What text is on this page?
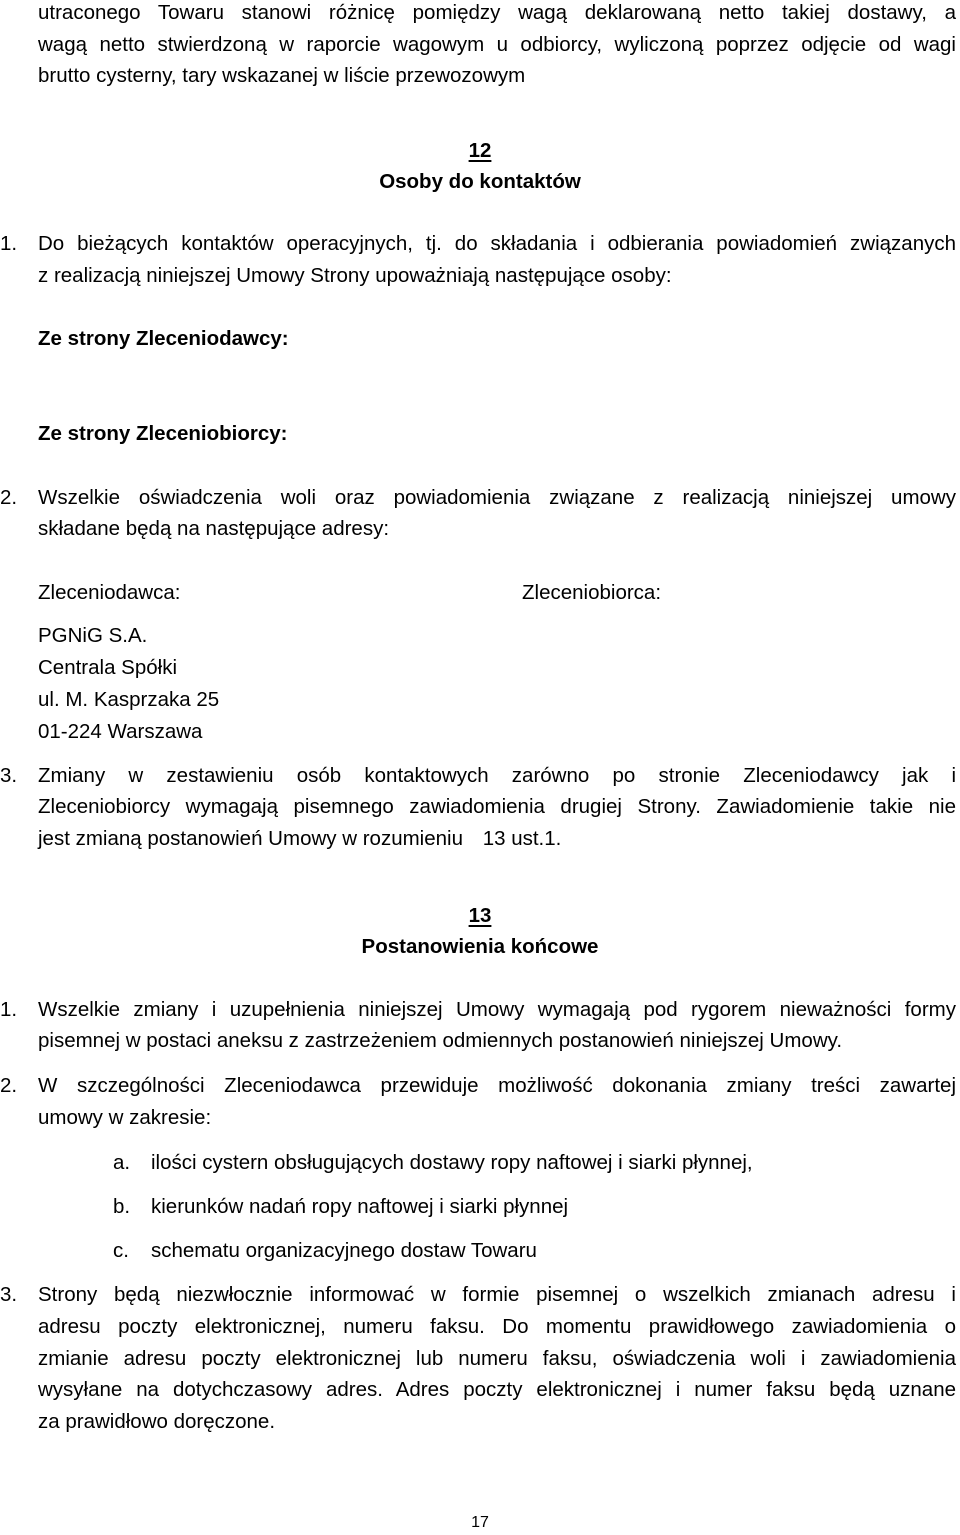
utraconego Towaru stanowi różnicę pomiędzy wagą deklarowaną netto takiej dostawy, a
wagą netto stwierdzoną w raporcie wagowym u odbiorcy, wyliczoną poprzez odjęcie od wagi
brutto cysterny, tary wskazanej w liście przewozowym
12
Osoby do kontaktów
1. Do bieżących kontaktów operacyjnych, tj. do składania i odbierania powiadomień związanych
z realizacją niniejszej Umowy Strony upoważniają następujące osoby:
Ze strony Zleceniodawcy:
Ze strony Zleceniobiorcy:
2. Wszelkie oświadczenia woli oraz powiadomienia związane z realizacją niniejszej umowy
składane będą na następujące adresy:
Zleceniodawca:	Zleceniobiorca:
PGNiG S.A.
Centrala Spółki
ul. M. Kasprzaka 25
01-224 Warszawa
3. Zmiany w zestawieniu osób kontaktowych zarówno po stronie Zleceniodawcy jak i
Zleceniobiorcy wymagają pisemnego zawiadomienia drugiej Strony. Zawiadomienie takie nie
jest zmianą postanowień Umowy w rozumieniu 13 ust.1.
13
Postanowienia końcowe
1. Wszelkie zmiany i uzupełnienia niniejszej Umowy wymagają pod rygorem nieważności formy
pisemnej w postaci aneksu z zastrzeżeniem odmiennych postanowień niniejszej Umowy.
2. W szczególności Zleceniodawca przewiduje możliwość dokonania zmiany treści zawartej
umowy w zakresie:
a. ilości cystern obsługujących dostawy ropy naftowej i siarki płynnej,
b. kierunków nadań ropy naftowej i siarki płynnej
c. schematu organizacyjnego dostaw Towaru
3. Strony będą niezwłocznie informować w formie pisemnej o wszelkich zmianach adresu i
adresu poczty elektronicznej, numeru faksu. Do momentu prawidłowego zawiadomienia o
zmianie adresu poczty elektronicznej lub numeru faksu, oświadczenia woli i zawiadomienia
wysyłane na dotychczasowy adres. Adres poczty elektronicznej i numer faksu będą uznane
za prawidłowo doręczone.
17
